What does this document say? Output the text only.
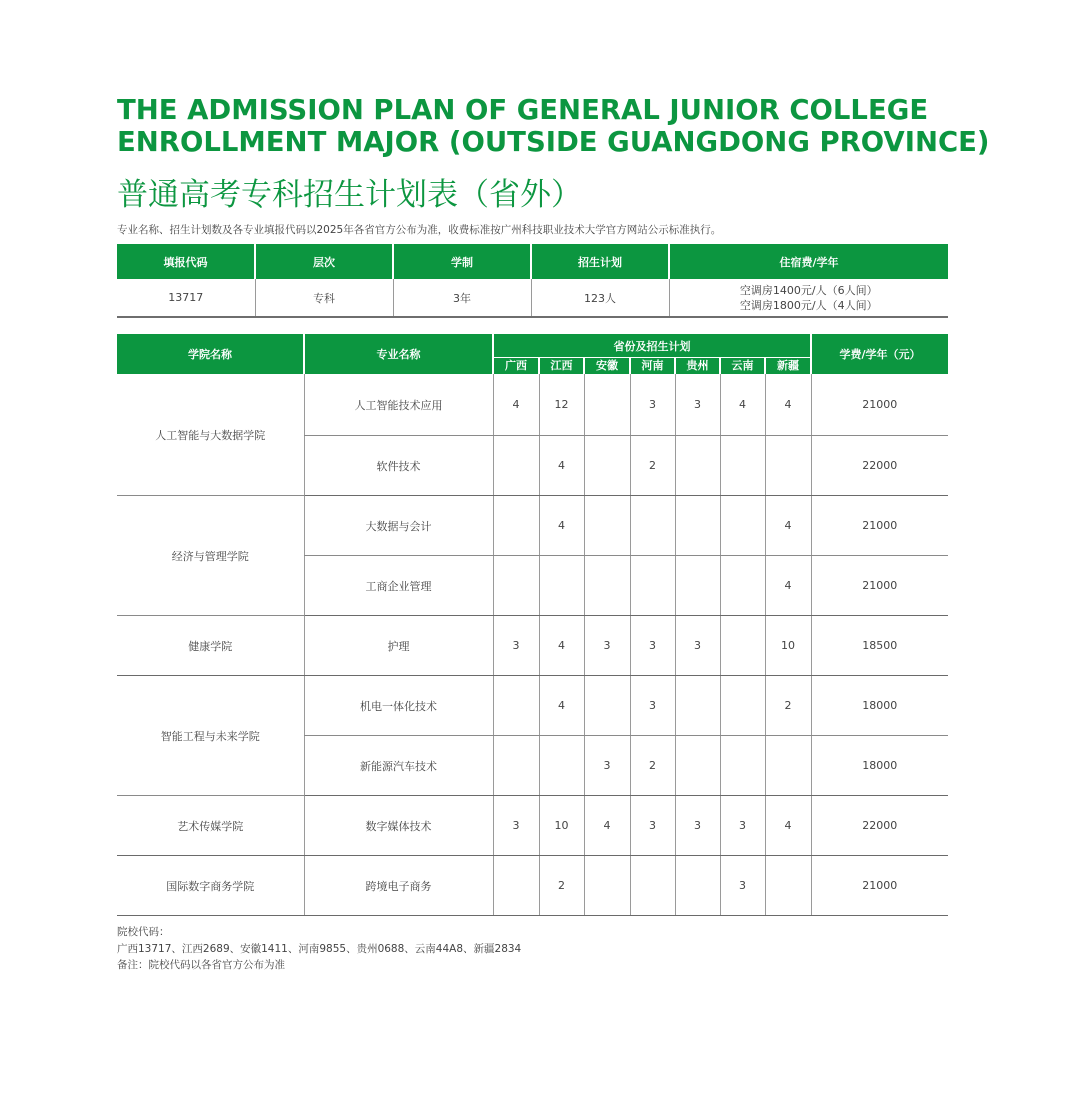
THE ADMISSION PLAN OF GENERAL JUNIOR COLLEGE
ENROLLMENT MAJOR (OUTSIDE GUANGDONG PROVINCE)
普通高考专科招生计划表（省外）
专业名称、招生计划数及各专业填报代码以2025年各省官方公布为准，收费标准按广州科技职业技术大学官方网站公示标准执行。
填报代码	层次	学制	招生计划	住宿费/学年
13717	专科	3年	123人	空调房1400元/人（6人间）
空调房1800元/人（4人间）
学院名称	专业名称	省份及招生计划							学费/学年（元）

		广西	江西	安徽	河南	贵州	云南	新疆	

人工智能与大数据学院	人工智能技术应用	4	12		3	3	4	4	21000
	软件技术		4		2				22000
经济与管理学院	大数据与会计		4					4	21000
	工商企业管理							4	21000
健康学院	护理	3	4	3	3	3		10	18500
智能工程与未来学院	机电一体化技术		4		3			2	18000
	新能源汽车技术			3	2				18000
艺术传媒学院	数字媒体技术	3	10	4	3	3	3	4	22000
国际数字商务学院	跨境电子商务		2				3		21000
院校代码：
广西13717、江西2689、安徽1411、河南9855、贵州0688、云南44A8、新疆2834
备注：院校代码以各省官方公布为准
